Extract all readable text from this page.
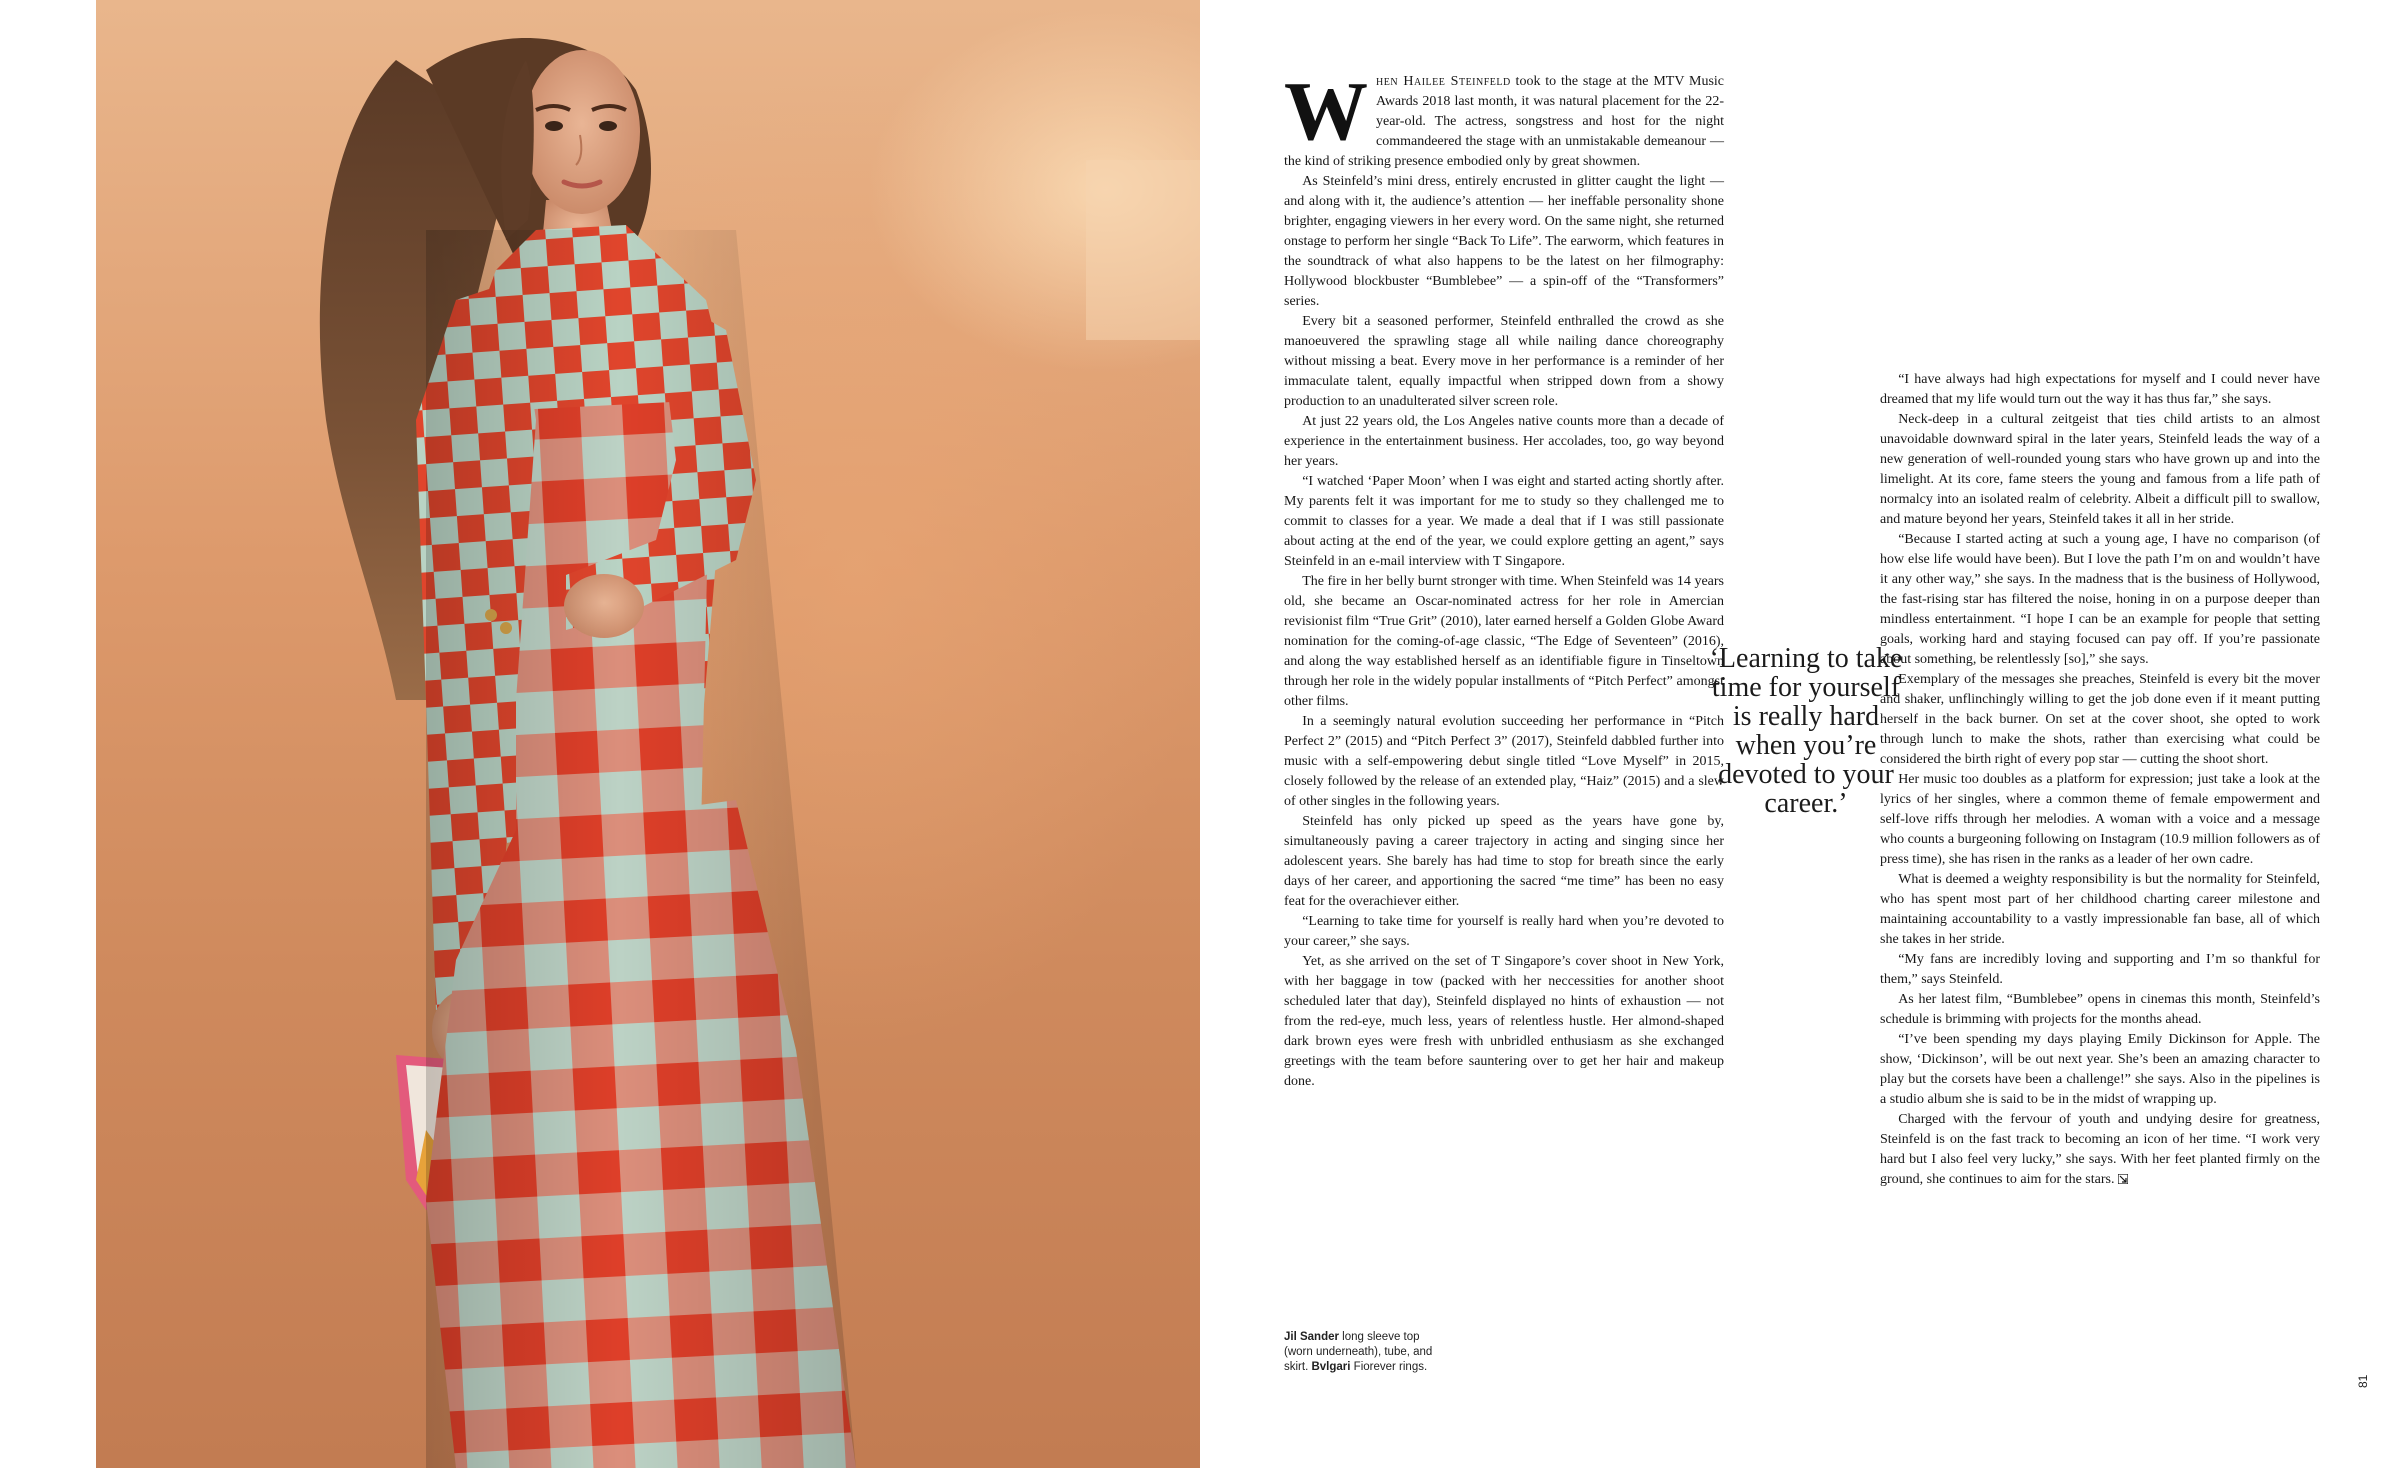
When Hailee Steinfeld took to the stage at the MTV Music Awards 2018 last month, it was natural placement for the 22-year-old. The actress, songstress and host for the night commandeered the stage with an unmistakable demeanour — the kind of striking presence embodied only by great showmen.

As Steinfeld’s mini dress, entirely encrusted in glitter caught the light — and along with it, the audience’s attention — her ineffable personality shone brighter, engaging viewers in her every word. On the same night, she returned onstage to perform her single “Back To Life”. The earworm, which features in the soundtrack of what also happens to be the latest on her filmography: Hollywood blockbuster “Bumblebee” — a spin-off of the “Transformers” series.

Every bit a seasoned performer, Steinfeld enthralled the crowd as she manoeuvered the sprawling stage all while nailing dance choreography without missing a beat. Every move in her performance is a reminder of her immaculate talent, equally impactful when stripped down from a showy production to an unadulterated silver screen role.

At just 22 years old, the Los Angeles native counts more than a decade of experience in the entertainment business. Her accolades, too, go way beyond her years.

“I watched ‘Paper Moon’ when I was eight and started acting shortly after. My parents felt it was important for me to study so they challenged me to commit to classes for a year. We made a deal that if I was still passionate about acting at the end of the year, we could explore getting an agent,” says Steinfeld in an e-mail interview with T Singapore.

The fire in her belly burnt stronger with time. When Steinfeld was 14 years old, she became an Oscar-nominated actress for her role in Amercian revisionist film “True Grit” (2010), later earned herself a Golden Globe Award nomination for the coming-of-age classic, “The Edge of Seventeen” (2016), and along the way established herself as an identifiable figure in Tinseltown through her role in the widely popular installments of “Pitch Perfect” amongst other films.

In a seemingly natural evolution succeeding her performance in “Pitch Perfect 2” (2015) and “Pitch Perfect 3” (2017), Steinfeld dabbled further into music with a self-empowering debut single titled “Love Myself” in 2015, closely followed by the release of an extended play, “Haiz” (2015) and a slew of other singles in the following years.

Steinfeld has only picked up speed as the years have gone by, simultaneously paving a career trajectory in acting and singing since her adolescent years. She barely has had time to stop for breath since the early days of her career, and apportioning the sacred “me time” has been no easy feat for the overachiever either.

“Learning to take time for yourself is really hard when you’re devoted to your career,” she says.

Yet, as she arrived on the set of T Singapore’s cover shoot in New York, with her baggage in tow (packed with her neccessities for another shoot scheduled later that day), Steinfeld displayed no hints of exhaustion — not from the red-eye, much less, years of relentless hustle. Her almond-shaped dark brown eyes were fresh with unbridled enthusiasm as she exchanged greetings with the team before sauntering over to get her hair and makeup done.

‘Learning to take time for yourself is really hard when you’re devoted to your career.’

“I have always had high expectations for myself and I could never have dreamed that my life would turn out the way it has thus far,” she says.

Neck-deep in a cultural zeitgeist that ties child artists to an almost unavoidable downward spiral in the later years, Steinfeld leads the way of a new generation of well-rounded young stars who have grown up and into the limelight. At its core, fame steers the young and famous from a life path of normalcy into an isolated realm of celebrity. Albeit a difficult pill to swallow, and mature beyond her years, Steinfeld takes it all in her stride.

“Because I started acting at such a young age, I have no comparison (of how else life would have been). But I love the path I’m on and wouldn’t have it any other way,” she says. In the madness that is the business of Hollywood, the fast-rising star has filtered the noise, honing in on a purpose deeper than mindless entertainment. “I hope I can be an example for people that setting goals, working hard and staying focused can pay off. If you’re passionate about something, be relentlessly [so],” she says.

Exemplary of the messages she preaches, Steinfeld is every bit the mover and shaker, unflinchingly willing to get the job done even if it meant putting herself in the back burner. On set at the cover shoot, she opted to work through lunch to make the shots, rather than exercising what could be considered the birth right of every pop star — cutting the shoot short.

Her music too doubles as a platform for expression; just take a look at the lyrics of her singles, where a common theme of female empowerment and self-love riffs through her melodies. A woman with a voice and a message who counts a burgeoning following on Instagram (10.9 million followers as of press time), she has risen in the ranks as a leader of her own cadre.

What is deemed a weighty responsibility is but the normality for Steinfeld, who has spent most part of her childhood charting career milestone and maintaining accountability to a vastly impressionable fan base, all of which she takes in her stride.

“My fans are incredibly loving and supporting and I’m so thankful for them,” says Steinfeld.

As her latest film, “Bumblebee” opens in cinemas this month, Steinfeld’s schedule is brimming with projects for the months ahead.

“I’ve been spending my days playing Emily Dickinson for Apple. The show, ‘Dickinson’, will be out next year. She’s been an amazing character to play but the corsets have been a challenge!” she says. Also in the pipelines is a studio album she is said to be in the midst of wrapping up.

Charged with the fervour of youth and undying desire for greatness, Steinfeld is on the fast track to becoming an icon of her time. “I work very hard but I also feel very lucky,” she says. With her feet planted firmly on the ground, she continues to aim for the stars.

Jil Sander long sleeve top (worn underneath), tube, and skirt. Bvlgari Fiorever rings.
81
